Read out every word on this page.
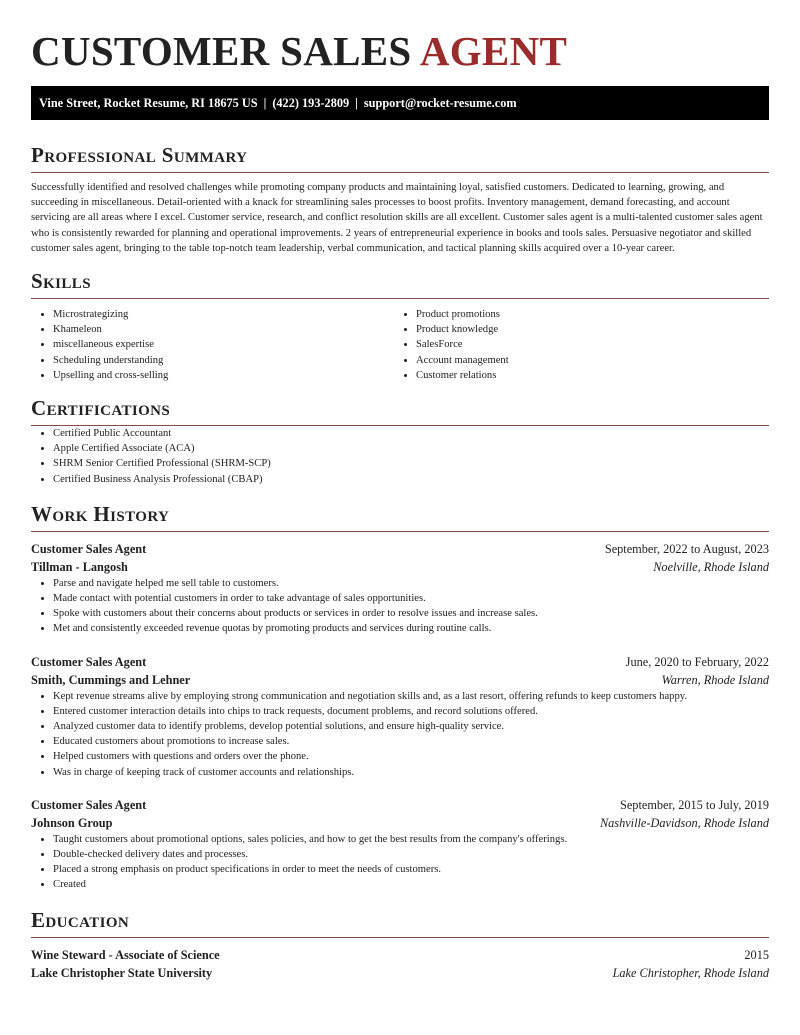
CUSTOMER SALES AGENT
Vine Street, Rocket Resume, RI 18675 US | (422) 193-2809 | support@rocket-resume.com
Professional Summary

Successfully identified and resolved challenges while promoting company products and maintaining loyal, satisfied customers. Dedicated to learning, growing, and succeeding in miscellaneous. Detail-oriented with a knack for streamlining sales processes to boost profits. Inventory management, demand forecasting, and account servicing are all areas where I excel. Customer service, research, and conflict resolution skills are all excellent. Customer sales agent is a multi-talented customer sales agent who is consistently rewarded for planning and operational improvements. 2 years of entrepreneurial experience in books and tools sales. Persuasive negotiator and skilled customer sales agent, bringing to the table top-notch team leadership, verbal communication, and tactical planning skills acquired over a 10-year career.

Skills
• Microstrategizing
• Khameleon
• miscellaneous expertise
• Scheduling understanding
• Upselling and cross-selling
• Product promotions
• Product knowledge
• SalesForce
• Account management
• Customer relations
Certifications
• Certified Public Accountant
• Apple Certified Associate (ACA)
• SHRM Senior Certified Professional (SHRM-SCP)
• Certified Business Analysis Professional (CBAP)
Work History
Customer Sales Agent	September, 2022 to August, 2023
Tillman - Langosh	Noelville, Rhode Island
• Parse and navigate helped me sell table to customers.
• Made contact with potential customers in order to take advantage of sales opportunities.
• Spoke with customers about their concerns about products or services in order to resolve issues and increase sales.
• Met and consistently exceeded revenue quotas by promoting products and services during routine calls.
Customer Sales Agent	June, 2020 to February, 2022
Smith, Cummings and Lehner	Warren, Rhode Island
• Kept revenue streams alive by employing strong communication and negotiation skills and, as a last resort, offering refunds to keep customers happy.
• Entered customer interaction details into chips to track requests, document problems, and record solutions offered.
• Analyzed customer data to identify problems, develop potential solutions, and ensure high-quality service.
• Educated customers about promotions to increase sales.
• Helped customers with questions and orders over the phone.
• Was in charge of keeping track of customer accounts and relationships.
Customer Sales Agent	September, 2015 to July, 2019
Johnson Group	Nashville-Davidson, Rhode Island
• Taught customers about promotional options, sales policies, and how to get the best results from the company's offerings.
• Double-checked delivery dates and processes.
• Placed a strong emphasis on product specifications in order to meet the needs of customers.
• Created
Education
Wine Steward - Associate of Science	2015
Lake Christopher State University	Lake Christopher, Rhode Island
